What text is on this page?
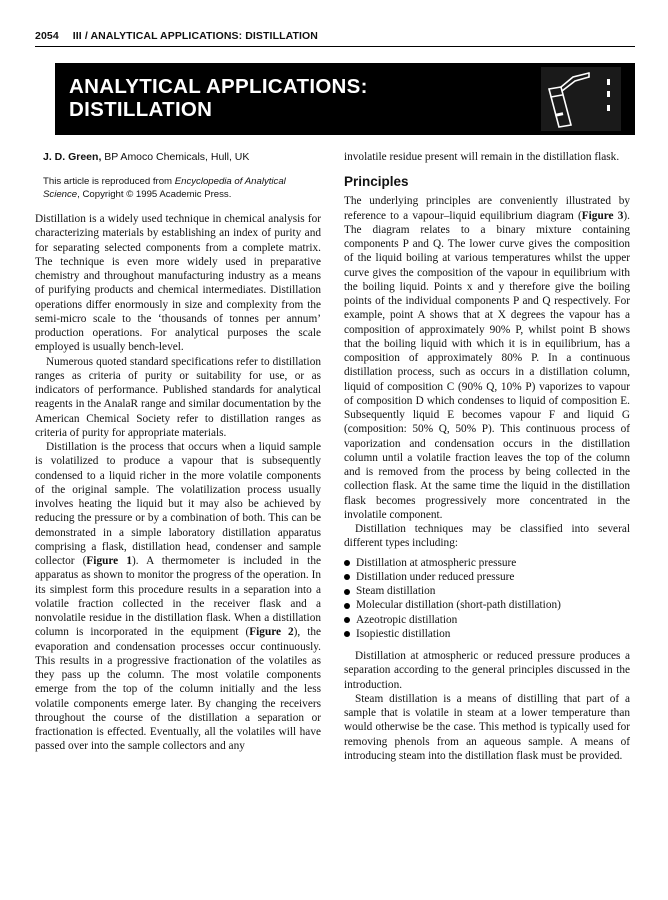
2054 III / ANALYTICAL APPLICATIONS: DISTILLATION
ANALYTICAL APPLICATIONS:
DISTILLATION

J. D. Green, BP Amoco Chemicals, Hull, UK

This article is reproduced from Encyclopedia of Analytical Science, Copyright © 1995 Academic Press.

Distillation is a widely used technique in chemical analysis for characterizing materials by establishing an index of purity and for separating selected components from a complete matrix. The technique is even more widely used in preparative chemistry and throughout manufacturing industry as a means of purifying products and chemical intermediates. Distillation operations differ enormously in size and complexity from the semi-micro scale to the ‘thousands of tonnes per annum’ production operations. For analytical purposes the scale employed is usually bench-level.

Numerous quoted standard specifications refer to distillation ranges as criteria of purity or suitability for use, or as indicators of performance. Published standards for analytical reagents in the AnalaR range and similar documentation by the American Chemical Society refer to distillation ranges as criteria of purity for appropriate materials.

Distillation is the process that occurs when a liquid sample is volatilized to produce a vapour that is subsequently condensed to a liquid richer in the more volatile components of the original sample. The volatilization process usually involves heating the liquid but it may also be achieved by reducing the pressure or by a combination of both. This can be demonstrated in a simple laboratory distillation apparatus comprising a flask, distillation head, condenser and sample collector (Figure 1). A thermometer is included in the apparatus as shown to monitor the progress of the operation. In its simplest form this procedure results in a separation into a volatile fraction collected in the receiver flask and a nonvolatile residue in the distillation flask. When a distillation column is incorporated in the equipment (Figure 2), the evaporation and condensation processes occur continuously. This results in a progressive fractionation of the volatiles as they pass up the column. The most volatile components emerge from the top of the column initially and the less volatile components emerge later. By changing the receivers throughout the course of the distillation a separation or fractionation is effected. Eventually, all the volatiles will have passed over into the sample collectors and any

involatile residue present will remain in the distillation flask.

Principles

The underlying principles are conveniently illustrated by reference to a vapour–liquid equilibrium diagram (Figure 3). The diagram relates to a binary mixture containing components P and Q. The lower curve gives the composition of the liquid boiling at various temperatures whilst the upper curve gives the composition of the vapour in equilibrium with the boiling liquid. Points x and y therefore give the boiling points of the individual components P and Q respectively. For example, point A shows that at X degrees the vapour has a composition of approximately 90% P, whilst point B shows that the boiling liquid with which it is in equilibrium, has a composition of approximately 80% P. In a continuous distillation process, such as occurs in a distillation column, liquid of composition C (90% Q, 10% P) vaporizes to vapour of composition D which condenses to liquid of composition E. Subsequently liquid E becomes vapour F and liquid G (composition: 50% Q, 50% P). This continuous process of vaporization and condensation occurs in the distillation column until a volatile fraction leaves the top of the column and is removed from the process by being collected in the collection flask. At the same time the liquid in the distillation flask becomes progressively more concentrated in the involatile component.

Distillation techniques may be classified into several different types including:

Distillation at atmospheric pressure
Distillation under reduced pressure
Steam distillation
Molecular distillation (short-path distillation)
Azeotropic distillation
Isopiestic distillation

Distillation at atmospheric or reduced pressure produces a separation according to the general principles discussed in the introduction.

Steam distillation is a means of distilling that part of a sample that is volatile in steam at a lower temperature than would otherwise be the case. This method is typically used for removing phenols from an aqueous sample. A means of introducing steam into the distillation flask must be provided.
